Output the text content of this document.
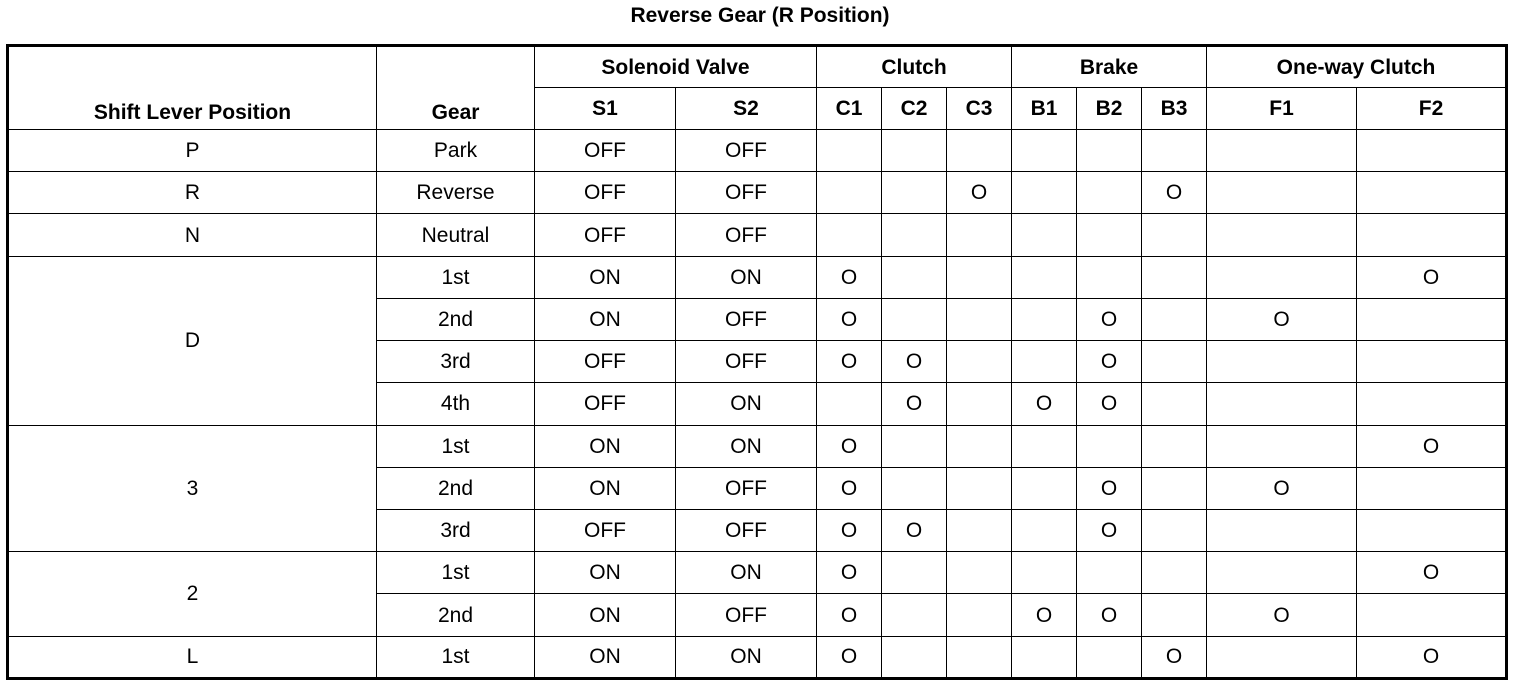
Reverse Gear (R Position)
Shift Lever Position	Gear	Solenoid Valve		Clutch			Brake			One-way Clutch	
		S1	S2	C1	C2	C3	B1	B2	B3	F1	F2
P	Park	OFF	OFF								
R	Reverse	OFF	OFF			O			O		
N	Neutral	OFF	OFF								
D	1st	ON	ON	O							O
	2nd	ON	OFF	O				O		O	
	3rd	OFF	OFF	O	O			O			
	4th	OFF	ON		O		O	O			
3	1st	ON	ON	O							O
	2nd	ON	OFF	O				O		O	
	3rd	OFF	OFF	O	O			O			
2	1st	ON	ON	O							O
	2nd	ON	OFF	O			O	O		O	
L	1st	ON	ON	O					O		O
